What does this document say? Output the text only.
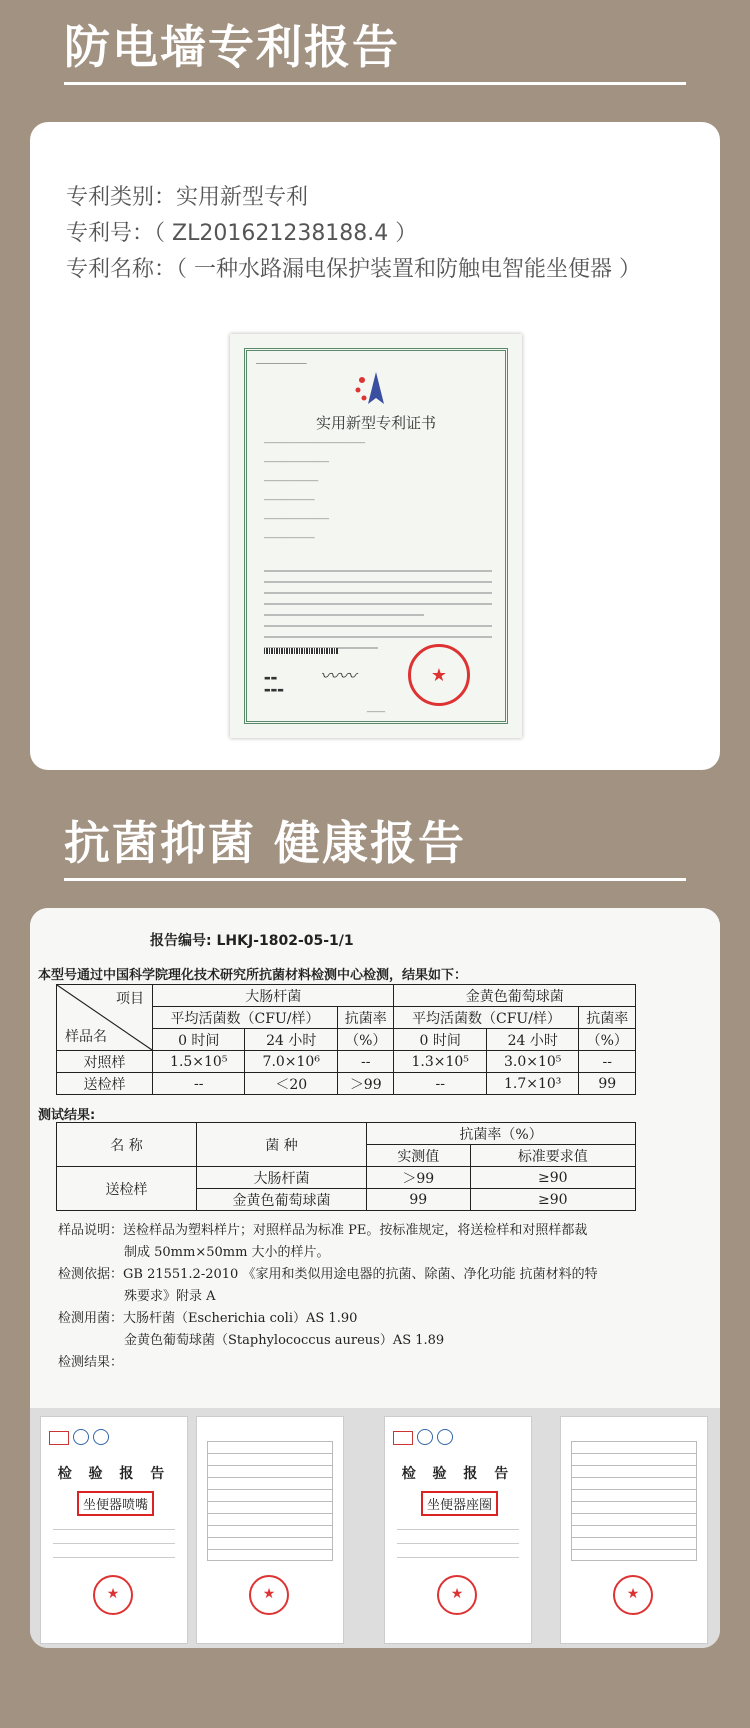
防电墙专利报告
专利类别：实用新型专利
专利号：（ ZL201621238188.4 ）
专利名称：（ 一种水路漏电保护装置和防触电智能坐便器 ）
────────────
实用新型专利证书
────────────────────────────
──────────────────
───────────────
──────────────
──────────────────
──────────────
▬▬
▬▬▬
〰〰
★
─────
抗菌抑菌 健康报告
报告编号: LHKJ-1802-05-1/1
本型号通过中国科学院理化技术研究所抗菌材料检测中心检测，结果如下：
项目
样品名	大肠杆菌			金黄色葡萄球菌		
	平均活菌数（CFU/样）		抗菌率	平均活菌数（CFU/样）		抗菌率
	0 时间	24 小时	（%）	0 时间	24 小时	（%）
对照样	1.5×10⁵	7.0×10⁶	--	1.3×10⁵	3.0×10⁵	--
送检样	--	＜20	＞99	--	1.7×10³	99
测试结果:
名 称	菌 种	抗菌率（%）	
		实测值	标准要求值
送检样	大肠杆菌	＞99	≥90
	金黄色葡萄球菌	99	≥90
样品说明：送检样品为塑料样片；对照样品为标准 PE。按标准规定，将送检样和对照样都裁
制成 50mm×50mm 大小的样片。
检测依据：GB 21551.2-2010 《家用和类似用途电器的抗菌、除菌、净化功能 抗菌材料的特
殊要求》附录 A
检测用菌：大肠杆菌（Escherichia coli）AS 1.90
金黄色葡萄球菌（Staphylococcus aureus）AS 1.89
检测结果：
检 验 报 告
坐便器喷嘴
★
★
检 验 报 告
坐便器座圈
★
★
